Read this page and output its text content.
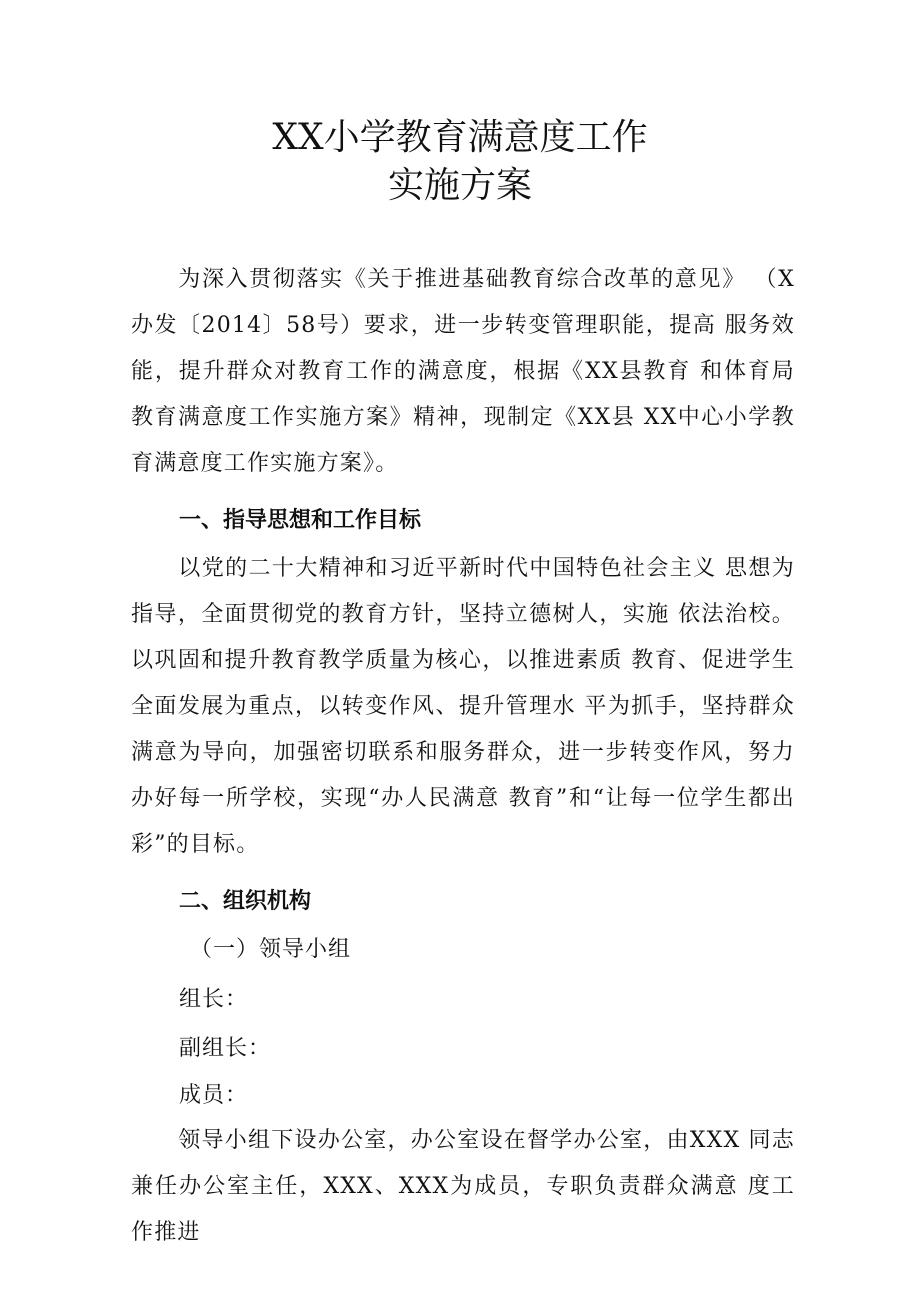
XX小学教育满意度工作
实施方案

为深入贯彻落实《关于推进基础教育综合改革的意见》 （X办发〔2014〕58号）要求，进一步转变管理职能，提高 服务效能，提升群众对教育工作的满意度，根据《XX县教育 和体育局教育满意度工作实施方案》精神，现制定《XX县 XX中心小学教育满意度工作实施方案》。

一、指导思想和工作目标

以党的二十大精神和习近平新时代中国特色社会主义 思想为指导，全面贯彻党的教育方针，坚持立德树人，实施 依法治校。以巩固和提升教育教学质量为核心，以推进素质 教育、促进学生全面发展为重点，以转变作风、提升管理水 平为抓手，坚持群众满意为导向，加强密切联系和服务群众，进一步转变作风，努力办好每一所学校，实现“办人民满意 教育”和“让每一位学生都出彩”的目标。

二、组织机构
（一）领导小组
组长：
副组长：
成员：

领导小组下设办公室，办公室设在督学办公室，由XXX 同志兼任办公室主任，XXX、XXX为成员，专职负责群众满意 度工作推进
